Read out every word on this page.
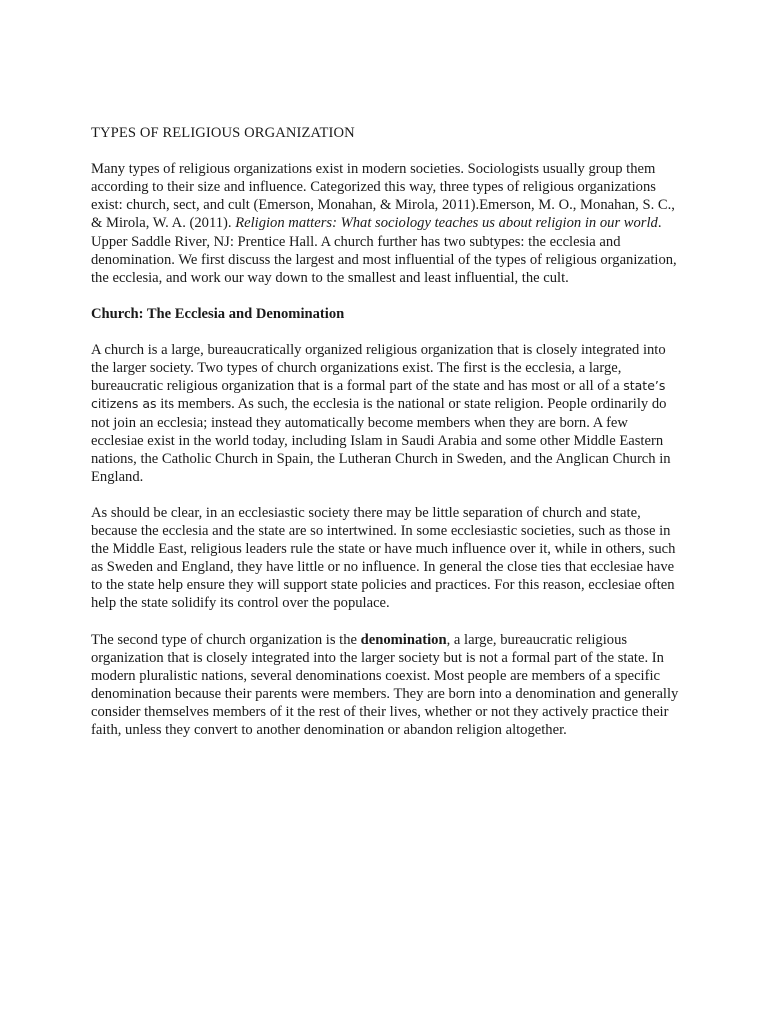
TYPES OF RELIGIOUS ORGANIZATION

Many types of religious organizations exist in modern societies. Sociologists usually group them according to their size and influence. Categorized this way, three types of religious organizations exist: church, sect, and cult (Emerson, Monahan, & Mirola, 2011).Emerson, M. O., Monahan, S. C., & Mirola, W. A. (2011). Religion matters: What sociology teaches us about religion in our world. Upper Saddle River, NJ: Prentice Hall. A church further has two subtypes: the ecclesia and denomination. We first discuss the largest and most influential of the types of religious organization, the ecclesia, and work our way down to the smallest and least influential, the cult.

Church: The Ecclesia and Denomination

A church is a large, bureaucratically organized religious organization that is closely integrated into the larger society. Two types of church organizations exist. The first is the ecclesia, a large, bureaucratic religious organization that is a formal part of the state and has most or all of a state’s citizens as its members. As such, the ecclesia is the national or state religion. People ordinarily do not join an ecclesia; instead they automatically become members when they are born. A few ecclesiae exist in the world today, including Islam in Saudi Arabia and some other Middle Eastern nations, the Catholic Church in Spain, the Lutheran Church in Sweden, and the Anglican Church in England.

As should be clear, in an ecclesiastic society there may be little separation of church and state, because the ecclesia and the state are so intertwined. In some ecclesiastic societies, such as those in the Middle East, religious leaders rule the state or have much influence over it, while in others, such as Sweden and England, they have little or no influence. In general the close ties that ecclesiae have to the state help ensure they will support state policies and practices. For this reason, ecclesiae often help the state solidify its control over the populace.

The second type of church organization is the denomination, a large, bureaucratic religious organization that is closely integrated into the larger society but is not a formal part of the state. In modern pluralistic nations, several denominations coexist. Most people are members of a specific denomination because their parents were members. They are born into a denomination and generally consider themselves members of it the rest of their lives, whether or not they actively practice their faith, unless they convert to another denomination or abandon religion altogether.
